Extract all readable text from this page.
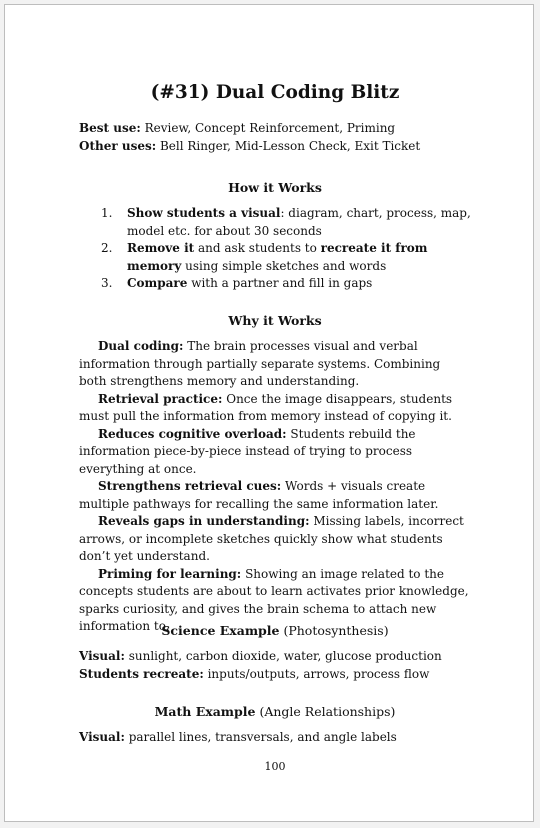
(#31) Dual Coding Blitz

Best use: Review, Concept Reinforcement, Priming

Other uses: Bell Ringer, Mid-Lesson Check, Exit Ticket

How it Works
1. Show students a visual: diagram, chart, process, map, model etc. for about 30 seconds
2. Remove it and ask students to recreate it from memory using simple sketches and words
3. Compare with a partner and fill in gaps
Why it Works

Dual coding: The brain processes visual and verbal information through partially separate systems. Combining both strengthens memory and understanding.

Retrieval practice: Once the image disappears, students must pull the information from memory instead of copying it.

Reduces cognitive overload: Students rebuild the information piece-by-piece instead of trying to process everything at once.

Strengthens retrieval cues: Words + visuals create multiple pathways for recalling the same information later.

Reveals gaps in understanding: Missing labels, incorrect arrows, or incomplete sketches quickly show what students don’t yet understand.

Priming for learning: Showing an image related to the concepts students are about to learn activates prior knowledge, sparks curiosity, and gives the brain schema to attach new information to.

Science Example (Photosynthesis)

Visual: sunlight, carbon dioxide, water, glucose production

Students recreate: inputs/outputs, arrows, process flow

Math Example (Angle Relationships)

Visual: parallel lines, transversals, and angle labels

100
